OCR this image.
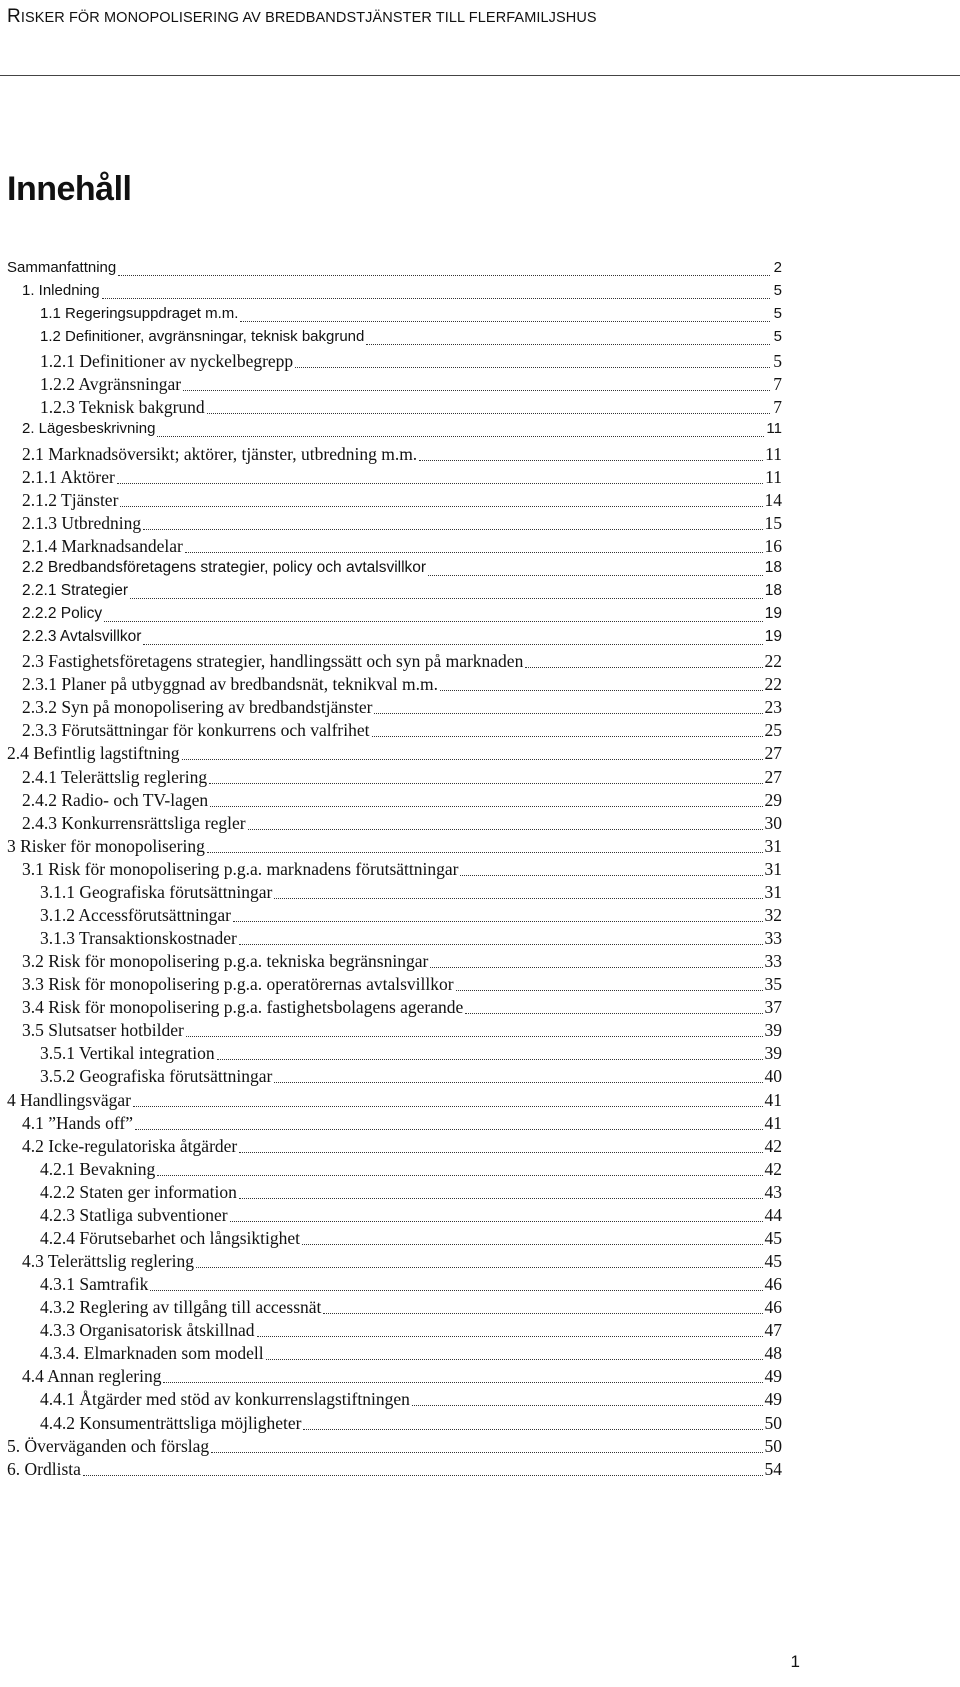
RISKER FÖR MONOPOLISERING AV BREDBANDSTJÄNSTER TILL FLERFAMILJSHUS
Innehåll
Sammanfattning	2
1. Inledning	5
1.1 Regeringsuppdraget m.m.	5
1.2 Definitioner, avgränsningar, teknisk bakgrund	5
1.2.1 Definitioner av nyckelbegrepp	5
1.2.2 Avgränsningar	7
1.2.3 Teknisk bakgrund	7
2. Lägesbeskrivning	11
2.1 Marknadsöversikt; aktörer, tjänster, utbredning m.m.	11
2.1.1 Aktörer	11
2.1.2 Tjänster	14
2.1.3 Utbredning	15
2.1.4 Marknadsandelar	16
2.2 Bredbandsföretagens strategier, policy och avtalsvillkor	18
2.2.1 Strategier	18
2.2.2 Policy	19
2.2.3 Avtalsvillkor	19
2.3 Fastighetsföretagens strategier, handlingssätt och syn på marknaden	22
2.3.1 Planer på utbyggnad av bredbandsnät, teknikval m.m.	22
2.3.2 Syn på monopolisering av bredbandstjänster	23
2.3.3 Förutsättningar för konkurrens och valfrihet	25
2.4 Befintlig lagstiftning	27
2.4.1 Telerättslig reglering	27
2.4.2 Radio- och TV-lagen	29
2.4.3 Konkurrensrättsliga regler	30
3 Risker för monopolisering	31
3.1 Risk för monopolisering p.g.a. marknadens förutsättningar	31
3.1.1 Geografiska förutsättningar	31
3.1.2 Accessförutsättningar	32
3.1.3 Transaktionskostnader	33
3.2 Risk för monopolisering p.g.a. tekniska begränsningar	33
3.3 Risk för monopolisering p.g.a. operatörernas avtalsvillkor	35
3.4 Risk för monopolisering p.g.a. fastighetsbolagens agerande	37
3.5 Slutsatser hotbilder	39
3.5.1 Vertikal integration	39
3.5.2 Geografiska förutsättningar	40
4 Handlingsvägar	41
4.1 ”Hands off”	41
4.2 Icke-regulatoriska åtgärder	42
4.2.1 Bevakning	42
4.2.2 Staten ger information	43
4.2.3 Statliga subventioner	44
4.2.4 Förutsebarhet och långsiktighet	45
4.3 Telerättslig reglering	45
4.3.1 Samtrafik	46
4.3.2 Reglering av tillgång till accessnät	46
4.3.3 Organisatorisk åtskillnad	47
4.3.4. Elmarknaden som modell	48
4.4 Annan reglering	49
4.4.1 Åtgärder med stöd av konkurrenslagstiftningen	49
4.4.2 Konsumenträttsliga möjligheter	50
5. Överväganden och förslag	50
6. Ordlista	54
1
